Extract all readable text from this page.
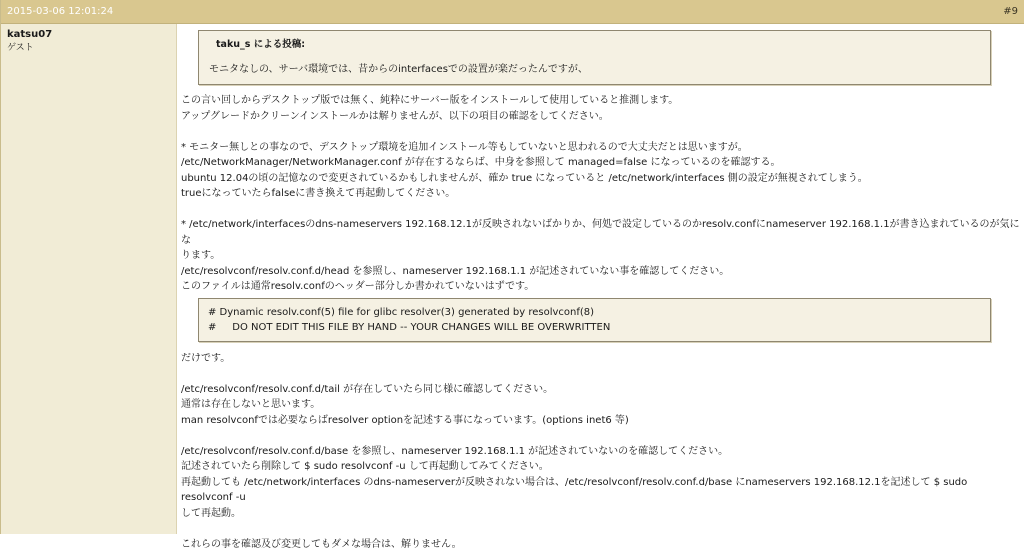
2015-03-06 12:01:24	#9
katsu07
ゲスト	taku_s による投稿:
モニタなしの、サーバ環境では、昔からのinterfacesでの設置が楽だったんですが、

この言い回しからデスクトップ版では無く、純粋にサーバー版をインストールして使用していると推測します。

アップグレードかクリーンインストールかは解りませんが、以下の項目の確認をしてください。

* モニター無しとの事なので、デスクトップ環境を追加インストール等もしていないと思われるので大丈夫だとは思いますが。

/etc/NetworkManager/NetworkManager.conf が存在するならば、中身を参照して managed=false になっているのを確認する。

ubuntu 12.04の頃の記憶なので変更されているかもしれませんが、確か true になっていると /etc/network/interfaces 側の設定が無視されてしまう。

trueになっていたらfalseに書き換えて再起動してください。

* /etc/network/interfacesのdns-nameservers 192.168.12.1が反映されないばかりか、何処で設定しているのかresolv.confにnameserver 192.168.1.1が書き込まれているのが気にな

ります。

/etc/resolvconf/resolv.conf.d/head を参照し、nameserver 192.168.1.1 が記述されていない事を確認してください。

このファイルは通常resolv.confのヘッダー部分しか書かれていないはずです。

# Dynamic resolv.conf(5) file for glibc resolver(3) generated by resolvconf(8)
#     DO NOT EDIT THIS FILE BY HAND -- YOUR CHANGES WILL BE OVERWRITTEN

だけです。

/etc/resolvconf/resolv.conf.d/tail が存在していたら同じ様に確認してください。

通常は存在しないと思います。

man resolvconfでは必要ならばresolver optionを記述する事になっています。(options inet6 等)

/etc/resolvconf/resolv.conf.d/base を参照し、nameserver 192.168.1.1 が記述されていないのを確認してください。

記述されていたら削除して $ sudo resolvconf -u して再起動してみてください。

再起動しても /etc/network/interfaces のdns-nameserverが反映されない場合は、/etc/resolvconf/resolv.conf.d/base にnameservers 192.168.12.1を記述して $ sudo resolvconf -u

して再起動。

これらの事を確認及び変更してもダメな場合は、解りません。
